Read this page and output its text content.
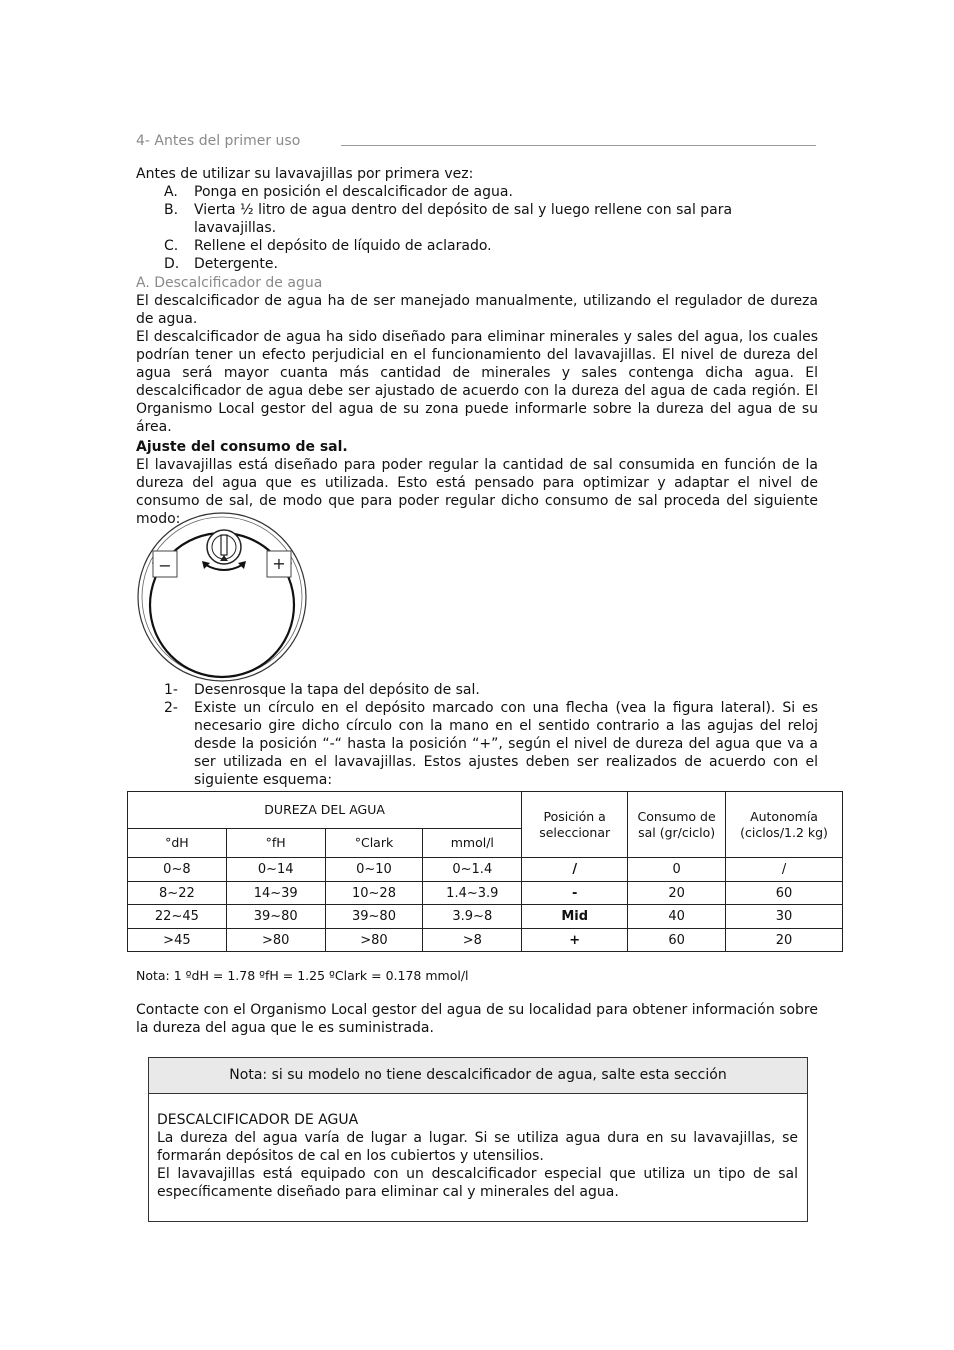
4- Antes del primer uso
Antes de utilizar su lavavajillas por primera vez:
A. Ponga en posición el descalcificador de agua.
B. Vierta ½ litro de agua dentro del depósito de sal y luego rellene con sal para lavavajillas.
C. Rellene el depósito de líquido de aclarado.
D. Detergente.
A. Descalcificador de agua
El descalcificador de agua ha de ser manejado manualmente, utilizando el regulador de dureza de agua.
El descalcificador de agua ha sido diseñado para eliminar minerales y sales del agua, los cuales podrían tener un efecto perjudicial en el funcionamiento del lavavajillas. El nivel de dureza del agua será mayor cuanta más cantidad de minerales y sales contenga dicha agua. El descalcificador de agua debe ser ajustado de acuerdo con la dureza del agua de cada región. El Organismo Local gestor del agua de su zona puede informarle sobre la dureza del agua de su área.
Ajuste del consumo de sal.
El lavavajillas está diseñado para poder regular la cantidad de sal consumida en función de la dureza del agua que es utilizada. Esto está pensado para optimizar y adaptar el nivel de consumo de sal, de modo que para poder regular dicho consumo de sal proceda del siguiente modo:
−	+
1- Desenrosque la tapa del depósito de sal.
2- Existe un círculo en el depósito marcado con una flecha (vea la figura lateral). Si es necesario gire dicho círculo con la mano en el sentido contrario a las agujas del reloj desde la posición “-“ hasta la posición “+”, según el nivel de dureza del agua que va a ser utilizada en el lavavajillas. Estos ajustes deben ser realizados de acuerdo con el siguiente esquema:
DUREZA DEL AGUA				Posición a seleccionar	Consumo de sal (gr/ciclo)	Autonomía (ciclos/1.2 kg)
°dH	°fH	°Clark	mmol/l			
0~8	0~14	0~10	0~1.4	/	0	/
8~22	14~39	10~28	1.4~3.9	-	20	60
22~45	39~80	39~80	3.9~8	Mid	40	30
>45	>80	>80	>8	+	60	20
Nota: 1 ºdH = 1.78 ºfH = 1.25 ºClark = 0.178 mmol/l
Contacte con el Organismo Local gestor del agua de su localidad para obtener información sobre la dureza del agua que le es suministrada.
Nota: si su modelo no tiene descalcificador de agua, salte esta sección
DESCALCIFICADOR DE AGUA
La dureza del agua varía de lugar a lugar. Si se utiliza agua dura en su lavavajillas, se formarán depósitos de cal en los cubiertos y utensilios.
El lavavajillas está equipado con un descalcificador especial que utiliza un tipo de sal específicamente diseñado para eliminar cal y minerales del agua.
